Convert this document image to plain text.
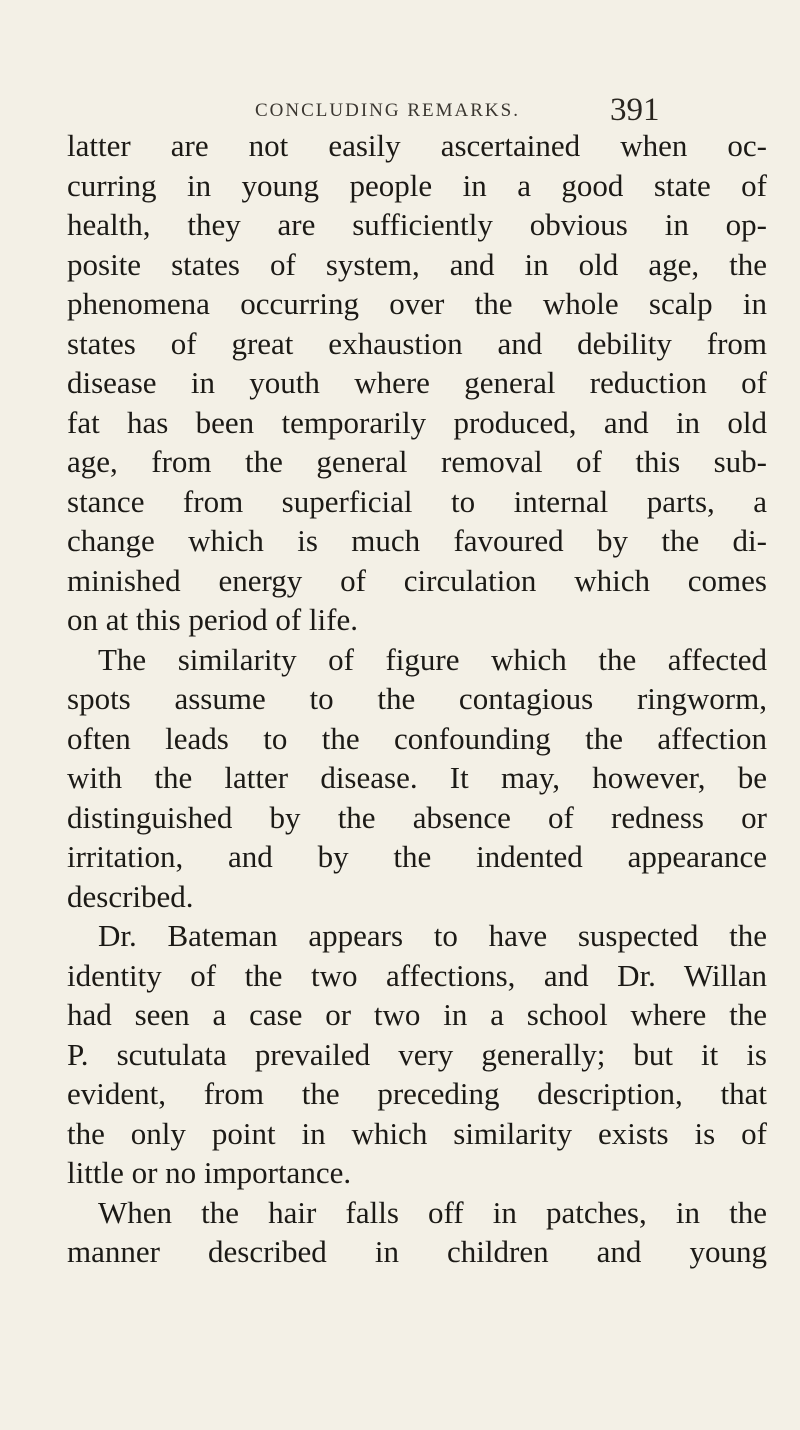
CONCLUDING REMARKS.	391
latter are not easily ascertained when oc-
curring in young people in a good state of
health, they are sufficiently obvious in op-
posite states of system, and in old age, the
phenomena occurring over the whole scalp in
states of great exhaustion and debility from
disease in youth where general reduction of
fat has been temporarily produced, and in old
age, from the general removal of this sub-
stance from superficial to internal parts, a
change which is much favoured by the di-
minished energy of circulation which comes
on at this period of life.
The similarity of figure which the affected
spots assume to the contagious ringworm,
often leads to the confounding the affection
with the latter disease. It may, however, be
distinguished by the absence of redness or
irritation, and by the indented appearance
described.
Dr. Bateman appears to have suspected the
identity of the two affections, and Dr. Willan
had seen a case or two in a school where the
P. scutulata prevailed very generally; but it is
evident, from the preceding description, that
the only point in which similarity exists is of
little or no importance.
When the hair falls off in patches, in the
manner described in children and young
